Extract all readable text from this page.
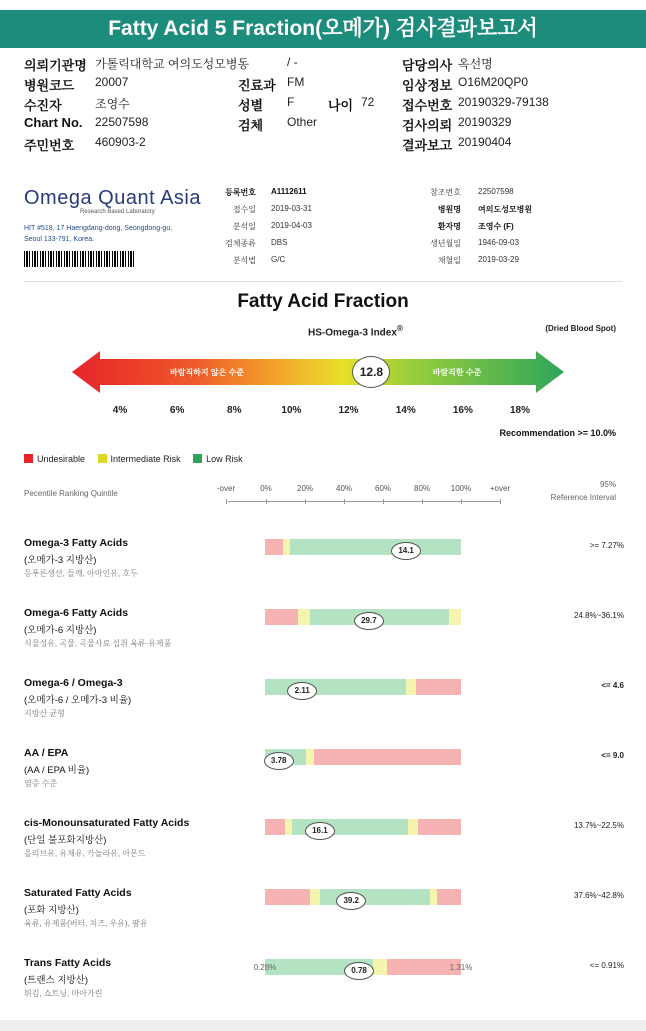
Fatty Acid 5 Fraction(오메가) 검사결과보고서
의뢰기관명 가톨릭대학교 여의도성모병동	/ -	담당의사 옥선명
병원코드 20007	진료과 FM	임상정보 O16M20QP0
수진자	조영수	성별 F	나이 72 접수번호 20190329-79138
Chart No. 22507598	검체 Other	검사의뢰 20190329
주민번호 460903-2	결과보고 20190404
Omega Quant Asia
Research Based Laboratory
HIT #518, 17 Haengdang-dong, Seongdong-gu,
Seoul 133-791, Korea.
등록번호 A1112611
접수일 2019-03-31
분석일 2019-04-03
검체종류 DBS
분석법 G/C
참조번호 22507598
병원명 여의도성모병원
환자명 조영수 (F)
생년월일 1946-09-03
채혈일 2019-03-29
Fatty Acid Fraction
HS-Omega-3 Index®	(Dried Blood Spot)
바람직하지 않은 수준	바람직한 수준
12.8
4%	6%	8%	10%	12%	14%	16%	18%
Recommendation >= 10.0%
Undesirable	Intermediate Risk	Low Risk
Pecentile Ranking Quintile
-over	0%	20%	40%	60%	80%	100% +over	95%
Reference Interval
Omega-3 Fatty Acids
(오메가-3 지방산)
등푸른생선, 들깨, 아마인유, 호두
>= 7.27%
14.1
Omega-6 Fatty Acids
(오메가-6 지방산)
식물성유, 곡물, 곡물사료 섭취 육류·유제품
24.8%~36.1%
29.7
Omega-6 / Omega-3
(오메가-6 / 오메가-3 비율)
지방산 균형
<= 4.6
2.11
AA / EPA
(AA / EPA 비율)
염증 수준
<= 9.0
3.78
cis-Monounsaturated Fatty Acids
(단일 불포화지방산)
올리브유, 유채유, 카놀라유, 아몬드
13.7%~22.5%
16.1
Saturated Fatty Acids
(포화 지방산)
육류, 유제품(버터, 치즈, 우유), 팜유
37.6%~42.8%
39.2
Trans Fatty Acids
(트랜스 지방산)
튀김, 쇼트닝, 마아가린
<= 0.91%
0.78
0.28%	1.31%
